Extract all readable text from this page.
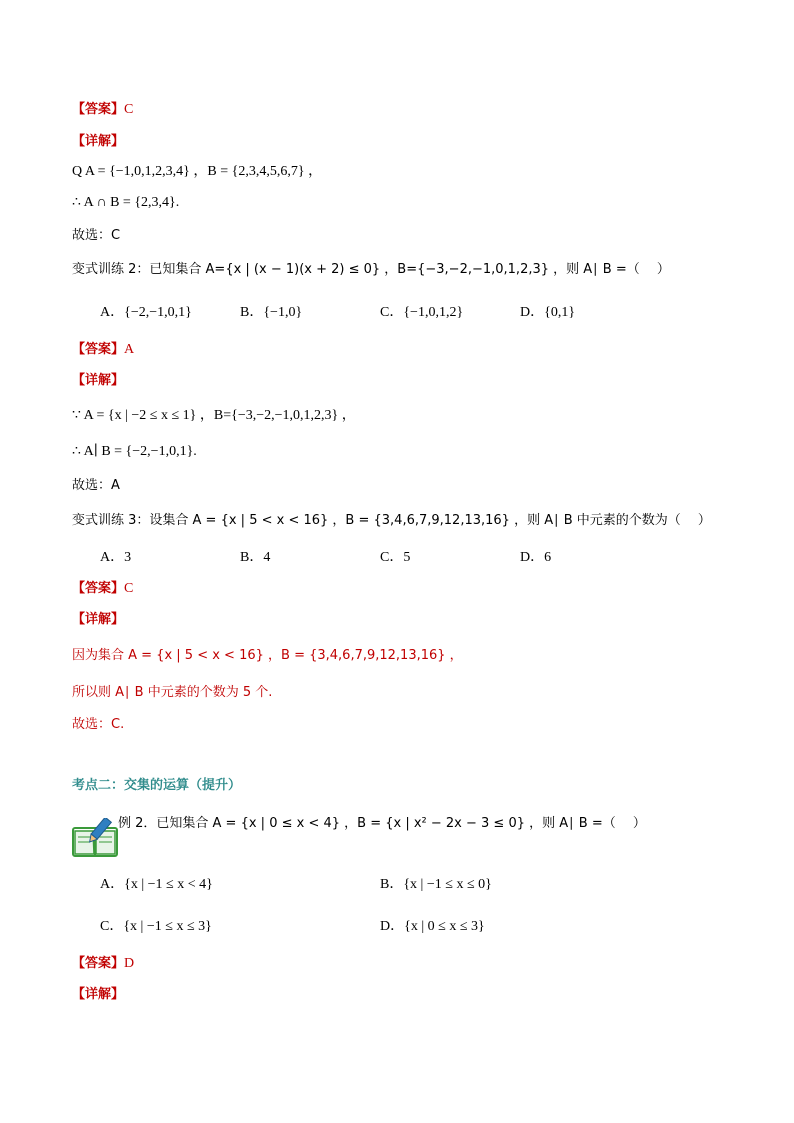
【答案】C
【详解】
Q A = {−1,0,1,2,3,4} ，B = {2,3,4,5,6,7} ，
∴ A ∩ B = {2,3,4}.
故选：C
变式训练 2：已知集合 A={x | (x − 1)(x + 2) ≤ 0} ，B={−3,−2,−1,0,1,2,3} ，则 A∣ B =（　 ）
A．{−2,−1,0,1}	B．{−1,0}	C．{−1,0,1,2}	D．{0,1}
【答案】A
【详解】
∵ A = {x | −2 ≤ x ≤ 1} ，B={−3,−2,−1,0,1,2,3} ，
∴ A∣ B = {−2,−1,0,1}.
故选：A
变式训练 3：设集合 A = {x | 5 < x < 16} ，B = {3,4,6,7,9,12,13,16} ，则 A∣ B 中元素的个数为（　 ）
A．3	B．4	C．5	D．6
【答案】C
【详解】
因为集合 A = {x | 5 < x < 16} ，B = {3,4,6,7,9,12,13,16} ，
所以则 A∣ B 中元素的个数为 5 个.
故选：C.
考点二：交集的运算（提升）
例 2．已知集合 A = {x | 0 ≤ x < 4} ，B = {x | x² − 2x − 3 ≤ 0} ，则 A∣ B =（　 ）
A．{x | −1 ≤ x < 4}	B．{x | −1 ≤ x ≤ 0}
C．{x | −1 ≤ x ≤ 3}	D．{x | 0 ≤ x ≤ 3}
【答案】D
【详解】
